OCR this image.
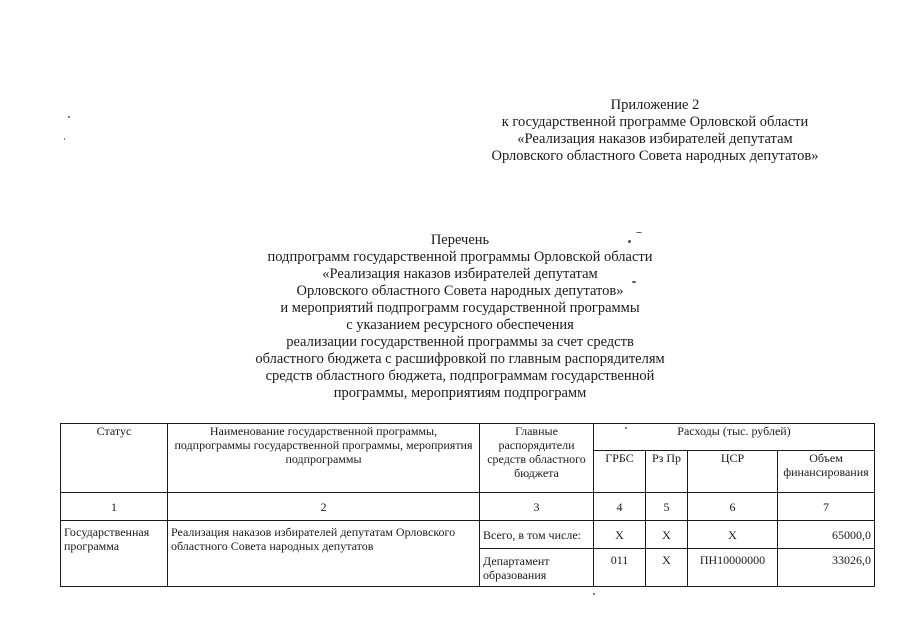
Приложение 2
к государственной программе Орловской области
«Реализация наказов избирателей депутатам
Орловского областного Совета народных депутатов»
Перечень
подпрограмм государственной программы Орловской области
«Реализация наказов избирателей депутатам
Орловского областного Совета народных депутатов»
и мероприятий подпрограмм государственной программы
с указанием ресурсного обеспечения
реализации государственной программы за счет средств
областного бюджета с расшифровкой по главным распорядителям
средств областного бюджета, подпрограммам государственной
программы, мероприятиям подпрограмм
Статус	Наименование государственной программы, подпрограммы государственной программы, мероприятия подпрограммы	Главные распорядители средств областного бюджета	Расходы (тыс. рублей)			
			ГРБС	Рз Пр	ЦСР	Объем финансирования
1	2	3	4	5	6	7
Государственная программа	Реализация наказов избирателей депутатам Орловского областного Совета народных депутатов	Всего, в том числе:	Х	Х	Х	65000,0
		Департамент образования	011	Х	ПН10000000	33026,0
